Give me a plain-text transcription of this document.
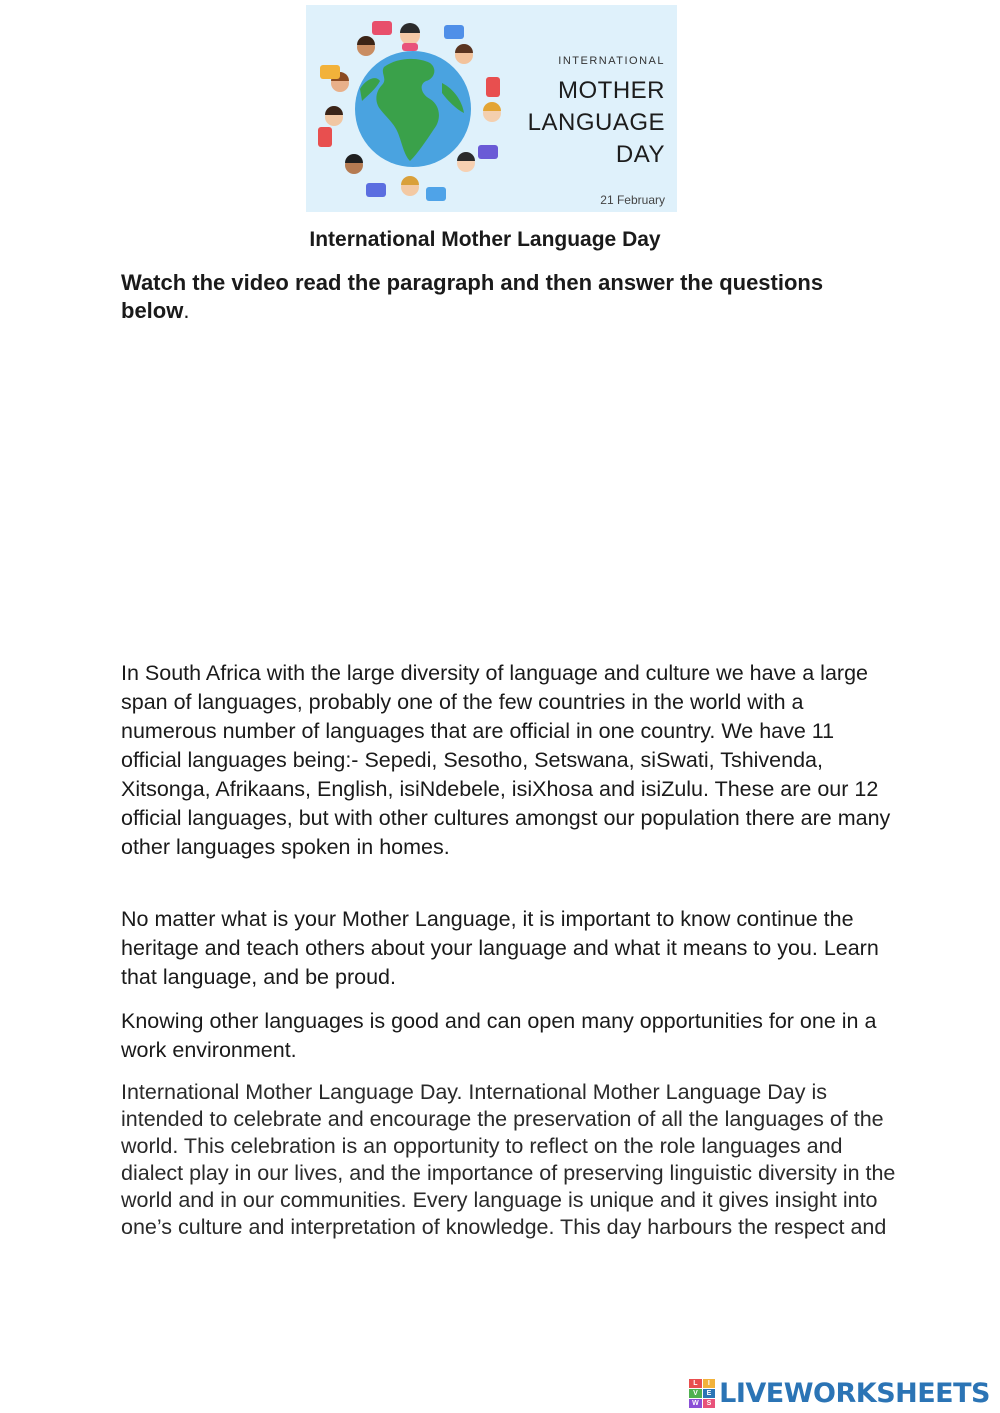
INTERNATIONAL
MOTHER
LANGUAGE
DAY
21 February
International Mother Language Day
Watch the video read the paragraph and then answer the questions below.

In South Africa with the large diversity of language and culture we have a large span of languages, probably one of the few countries in the world with a numerous number of languages that are official in one country. We have 11 official languages being:- Sepedi, Sesotho, Setswana, siSwati, Tshivenda, Xitsonga, Afrikaans, English, isiNdebele, isiXhosa and isiZulu. These are our 12 official languages, but with other cultures amongst our population there are many other languages spoken in homes.

No matter what is your Mother Language, it is important to know continue the heritage and teach others about your language and what it means to you. Learn that language, and be proud.

Knowing other languages is good and can open many opportunities for one in a work environment.

International Mother Language Day. International Mother Language Day is intended to celebrate and encourage the preservation of all the languages of the world. This celebration is an opportunity to reflect on the role languages and dialect play in our lives, and the importance of preserving linguistic diversity in the world and in our communities. Every language is unique and it gives insight into one’s culture and interpretation of knowledge. This day harbours the respect and

L	I
V	E
W	S LIVEWORKSHEETS
